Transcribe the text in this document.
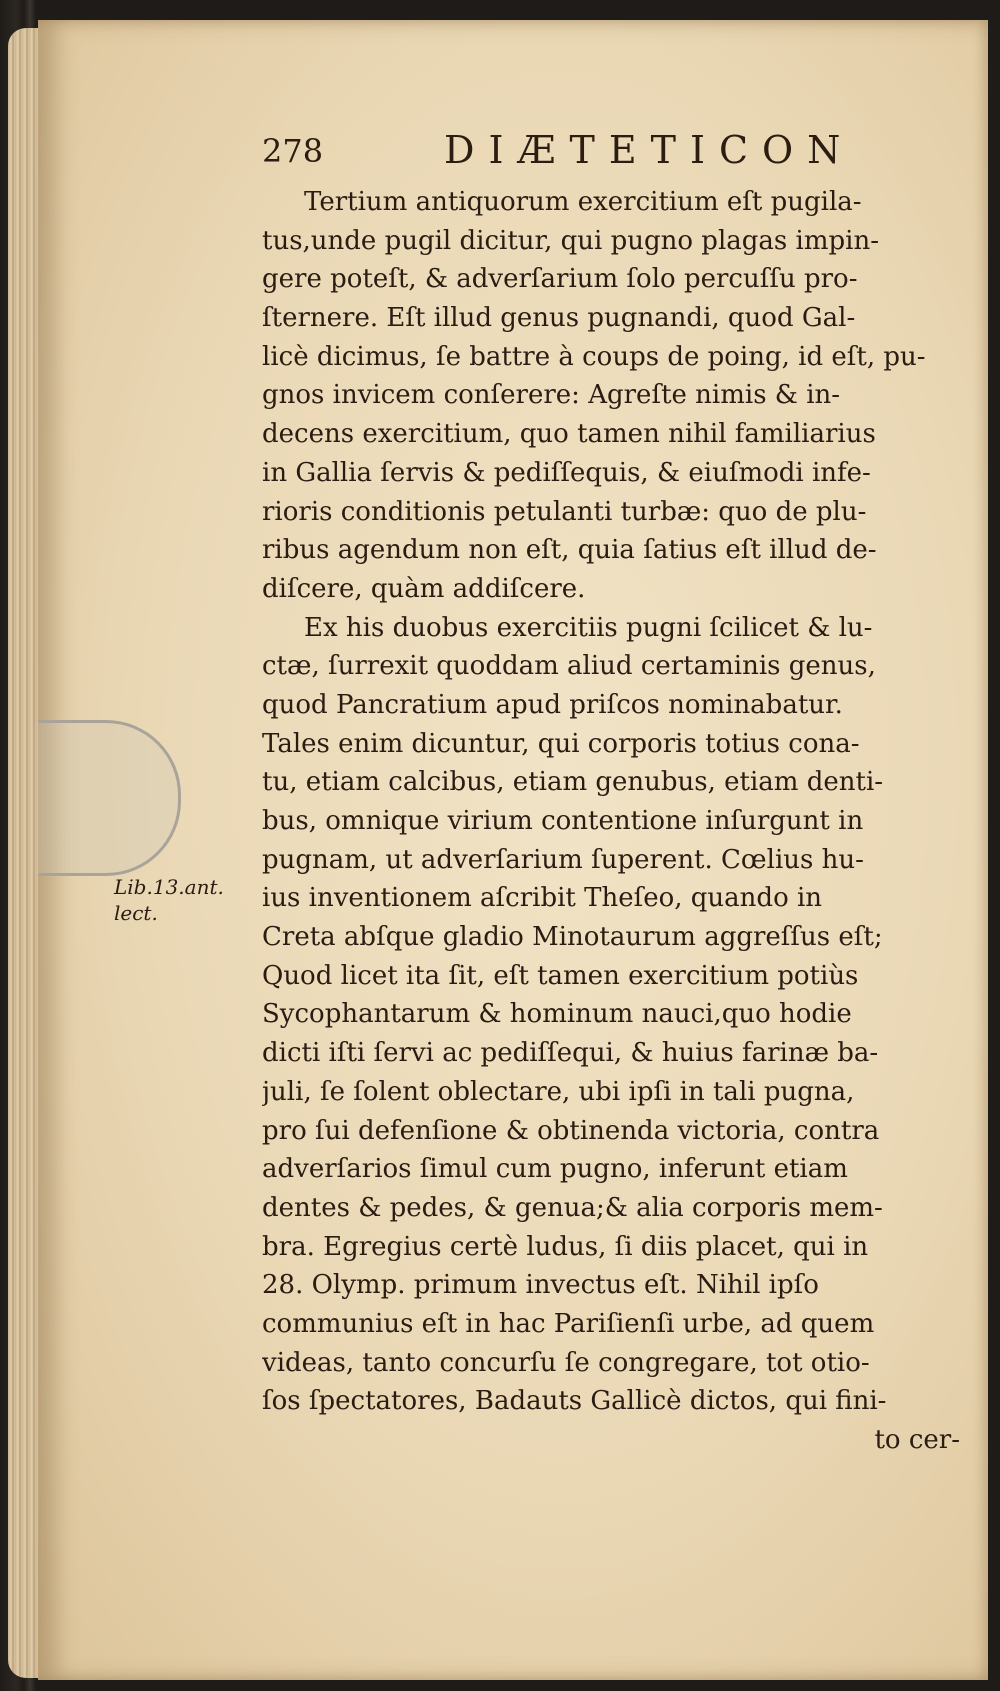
278	DIÆTETICON
Lib.13.ant.
lect.
Tertium antiquorum exercitium eſt pugila-
tus,unde pugil dicitur, qui pugno plagas impin-
gere poteſt, & adverſarium ſolo percuſſu pro-
ſternere. Eſt illud genus pugnandi, quod Gal-
licè dicimus, ſe battre à coups de poing, id eſt, pu-
gnos invicem conſerere: Agreſte nimis & in-
decens exercitium, quo tamen nihil familiarius
in Gallia ſervis & pediſſequis, & eiuſmodi infe-
rioris conditionis petulanti turbæ: quo de plu-
ribus agendum non eſt, quia ſatius eſt illud de-
diſcere, quàm addiſcere.
Ex his duobus exercitiis pugni ſcilicet & lu-
ctæ, ſurrexit quoddam aliud certaminis genus,
quod Pancratium apud priſcos nominabatur.
Tales enim dicuntur, qui corporis totius cona-
tu, etiam calcibus, etiam genubus, etiam denti-
bus, omnique virium contentione inſurgunt in
pugnam, ut adverſarium ſuperent. Cœlius hu-
ius inventionem aſcribit Theſeo, quando in
Creta abſque gladio Minotaurum aggreſſus eſt;
Quod licet ita ſit, eſt tamen exercitium potiùs
Sycophantarum & hominum nauci,quo hodie
dicti iſti ſervi ac pediſſequi, & huius farinæ ba-
juli, ſe ſolent oblectare, ubi ipſi in tali pugna,
pro ſui defenſione & obtinenda victoria, contra
adverſarios ſimul cum pugno, inferunt etiam
dentes & pedes, & genua;& alia corporis mem-
bra. Egregius certè ludus, ſi diis placet, qui in
28. Olymp. primum invectus eſt. Nihil ipſo
communius eſt in hac Pariſienſi urbe, ad quem
videas, tanto concurſu ſe congregare, tot otio-
ſos ſpectatores, Badauts Gallicè dictos, qui fini-
to cer-
